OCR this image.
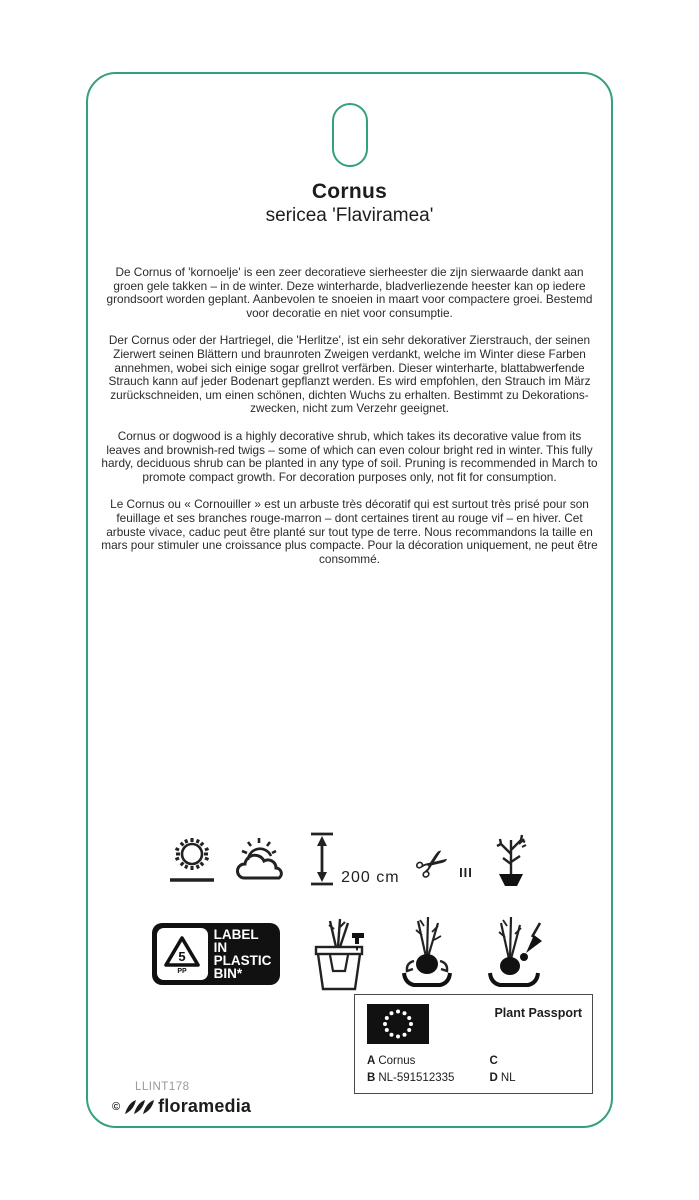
Cornus
sericea 'Flaviramea'

De Cornus of 'kornoelje' is een zeer decoratieve sierheester die zijn sierwaarde dankt aan groen gele takken – in de winter. Deze winterharde, bladverliezende heester kan op iedere grondsoort worden geplant. Aanbevolen te snoeien in maart voor compactere groei. Bestemd voor decoratie en niet voor consumptie.

Der Cornus oder der Hartriegel, die 'Herlitze', ist ein sehr dekorativer Zierstrauch, der seinen Zierwert seinen Blättern und braunroten Zweigen verdankt, welche im Winter diese Farben annehmen, wobei sich einige sogar grellrot verfärben. Dieser winterharte, blattabwerfende Strauch kann auf jeder Bodenart gepflanzt werden. Es wird empfohlen, den Strauch im März zurückschneiden, um einen schönen, dichten Wuchs zu erhalten. Bestimmt zu Dekorations- zwecken, nicht zum Verzehr geeignet.

Cornus or dogwood is a highly decorative shrub, which takes its decorative value from its leaves and brownish-red twigs – some of which can even colour bright red in winter. This fully hardy, deciduous shrub can be planted in any type of soil. Pruning is recommended in March to promote compact growth. For decoration purposes only, not fit for consumption.

Le Cornus ou « Cornouiller » est un arbuste très décoratif qui est surtout très prisé pour son feuillage et ses branches rouge-marron – dont certaines tirent au rouge vif – en hiver. Cet arbuste vivace, caduc peut être planté sur tout type de terre. Nous recommandons la taille en mars pour stimuler une croissance plus compacte. Pour la décoration uniquement, ne peut être consommé.

200 cm ✂ III
5
PP
LABEL IN
PLASTIC
BIN*
Plant Passport
A Cornus
B NL-591512335
C
D NL
LLINT178
© floramedia
